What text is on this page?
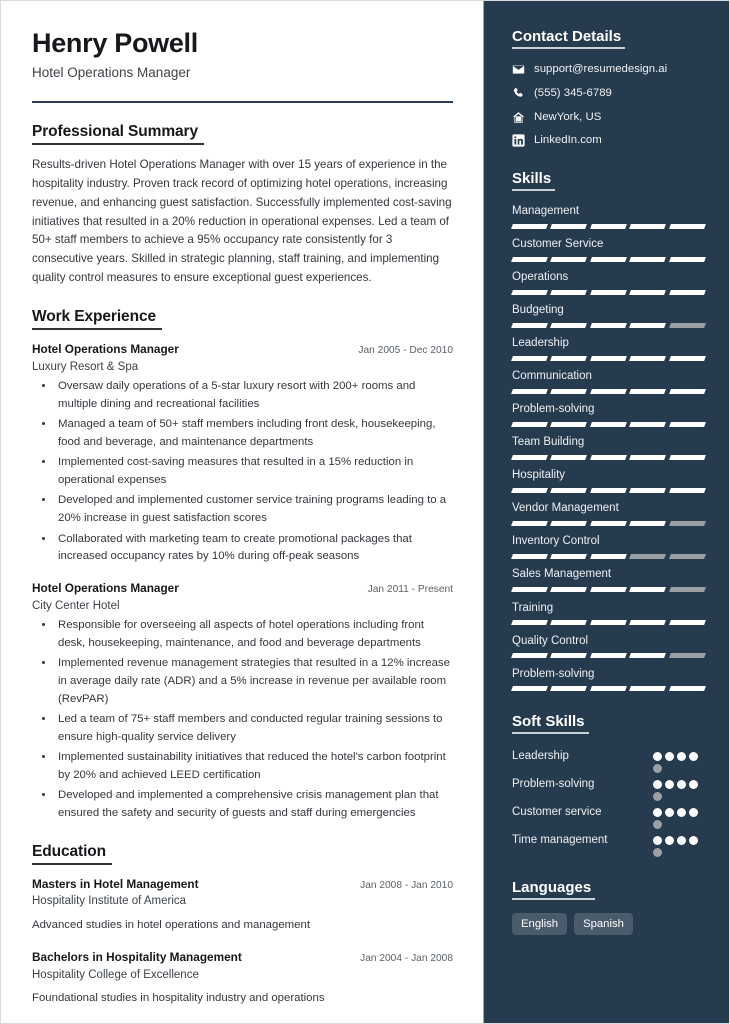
Henry Powell

Hotel Operations Manager

Professional Summary

Results-driven Hotel Operations Manager with over 15 years of experience in the hospitality industry. Proven track record of optimizing hotel operations, increasing revenue, and enhancing guest satisfaction. Successfully implemented cost-saving initiatives that resulted in a 20% reduction in operational expenses. Led a team of 50+ staff members to achieve a 95% occupancy rate consistently for 3 consecutive years. Skilled in strategic planning, staff training, and implementing quality control measures to ensure exceptional guest experiences.

Work Experience
Hotel Operations Manager	Jan 2005 - Dec 2010
Luxury Resort & Spa
• Oversaw daily operations of a 5-star luxury resort with 200+ rooms and multiple dining and recreational facilities
• Managed a team of 50+ staff members including front desk, housekeeping, food and beverage, and maintenance departments
• Implemented cost-saving measures that resulted in a 15% reduction in operational expenses
• Developed and implemented customer service training programs leading to a 20% increase in guest satisfaction scores
• Collaborated with marketing team to create promotional packages that increased occupancy rates by 10% during off-peak seasons
Hotel Operations Manager	Jan 2011 - Present
City Center Hotel
• Responsible for overseeing all aspects of hotel operations including front desk, housekeeping, maintenance, and food and beverage departments
• Implemented revenue management strategies that resulted in a 12% increase in average daily rate (ADR) and a 5% increase in revenue per available room (RevPAR)
• Led a team of 75+ staff members and conducted regular training sessions to ensure high-quality service delivery
• Implemented sustainability initiatives that reduced the hotel's carbon footprint by 20% and achieved LEED certification
• Developed and implemented a comprehensive crisis management plan that ensured the safety and security of guests and staff during emergencies
Education
Masters in Hotel Management	Jan 2008 - Jan 2010
Hospitality Institute of America

Advanced studies in hotel operations and management

Bachelors in Hospitality Management	Jan 2004 - Jan 2008
Hospitality College of Excellence

Foundational studies in hospitality industry and operations

Contact Details
support@resumedesign.ai
(555) 345-6789
NewYork, US
LinkedIn.com
Skills
Management
Customer Service
Operations
Budgeting
Leadership
Communication
Problem-solving
Team Building
Hospitality
Vendor Management
Inventory Control
Sales Management
Training
Quality Control
Problem-solving
Soft Skills
Leadership
Problem-solving
Customer service
Time management
Languages
English	Spanish
